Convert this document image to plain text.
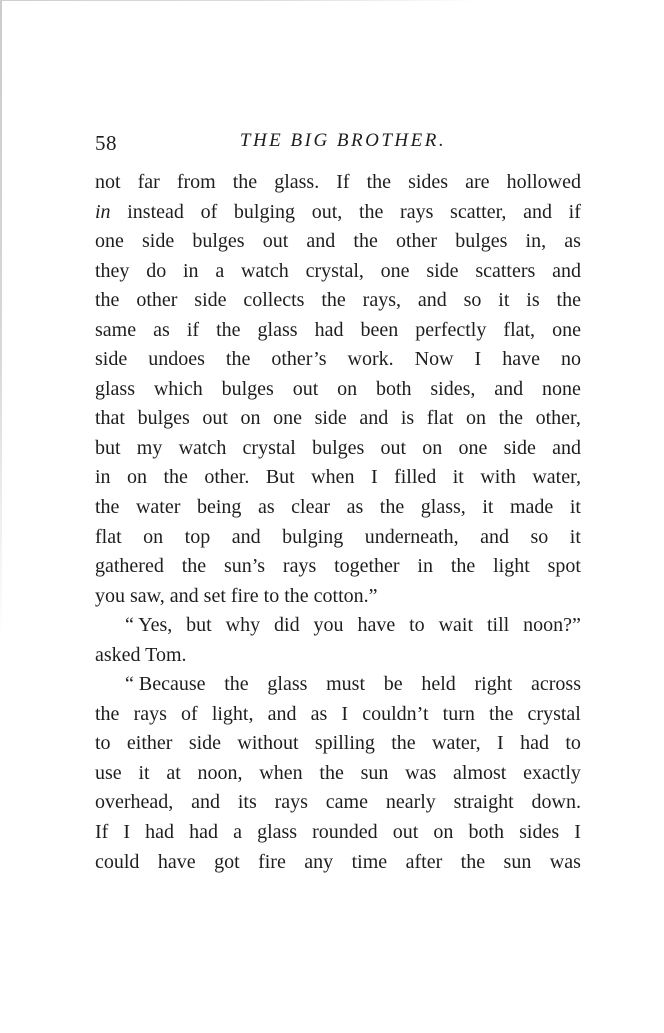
58	THE BIG BROTHER.
not far from the glass. If the sides are hollowed
in instead of bulging out, the rays scatter, and if
one side bulges out and the other bulges in, as
they do in a watch crystal, one side scatters and
the other side collects the rays, and so it is the
same as if the glass had been perfectly flat, one
side undoes the other’s work. Now I have no
glass which bulges out on both sides, and none
that bulges out on one side and is flat on the other,
but my watch crystal bulges out on one side and
in on the other. But when I filled it with water,
the water being as clear as the glass, it made it
flat on top and bulging underneath, and so it
gathered the sun’s rays together in the light spot
you saw, and set fire to the cotton.”
“ Yes, but why did you have to wait till noon?”
asked Tom.
“ Because the glass must be held right across
the rays of light, and as I couldn’t turn the crystal
to either side without spilling the water, I had to
use it at noon, when the sun was almost exactly
overhead, and its rays came nearly straight down.
If I had had a glass rounded out on both sides I
could have got fire any time after the sun was
